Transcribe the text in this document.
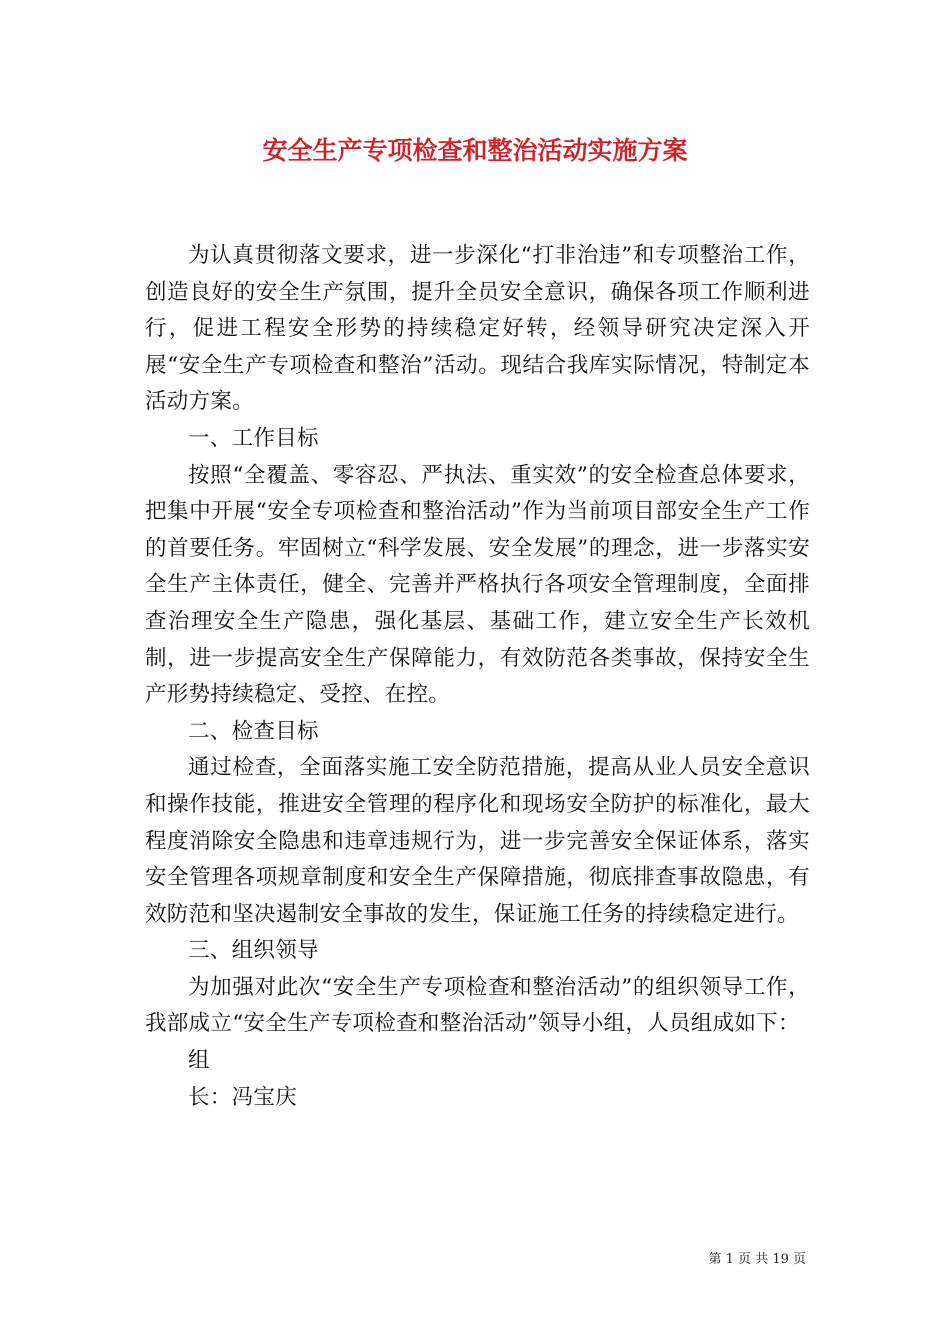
安全生产专项检查和整治活动实施方案

为认真贯彻落文要求，进一步深化“打非治违”和专项整治工作，创造良好的安全生产氛围，提升全员安全意识，确保各项工作顺利进行，促进工程安全形势的持续稳定好转，经领导研究决定深入开展“安全生产专项检查和整治”活动。现结合我库实际情况，特制定本活动方案。

一、工作目标

按照“全覆盖、零容忍、严执法、重实效”的安全检查总体要求，把集中开展“安全专项检查和整治活动”作为当前项目部安全生产工作的首要任务。牢固树立“科学发展、安全发展”的理念，进一步落实安全生产主体责任，健全、完善并严格执行各项安全管理制度，全面排查治理安全生产隐患，强化基层、基础工作，建立安全生产长效机制，进一步提高安全生产保障能力，有效防范各类事故，保持安全生产形势持续稳定、受控、在控。

二、检查目标

通过检查，全面落实施工安全防范措施，提高从业人员安全意识和操作技能，推进安全管理的程序化和现场安全防护的标准化，最大程度消除安全隐患和违章违规行为，进一步完善安全保证体系，落实安全管理各项规章制度和安全生产保障措施，彻底排查事故隐患，有效防范和坚决遏制安全事故的发生，保证施工任务的持续稳定进行。

三、组织领导

为加强对此次“安全生产专项检查和整治活动”的组织领导工作，我部成立“安全生产专项检查和整治活动”领导小组，人员组成如下：

组

长：冯宝庆

第 1 页 共 19 页
